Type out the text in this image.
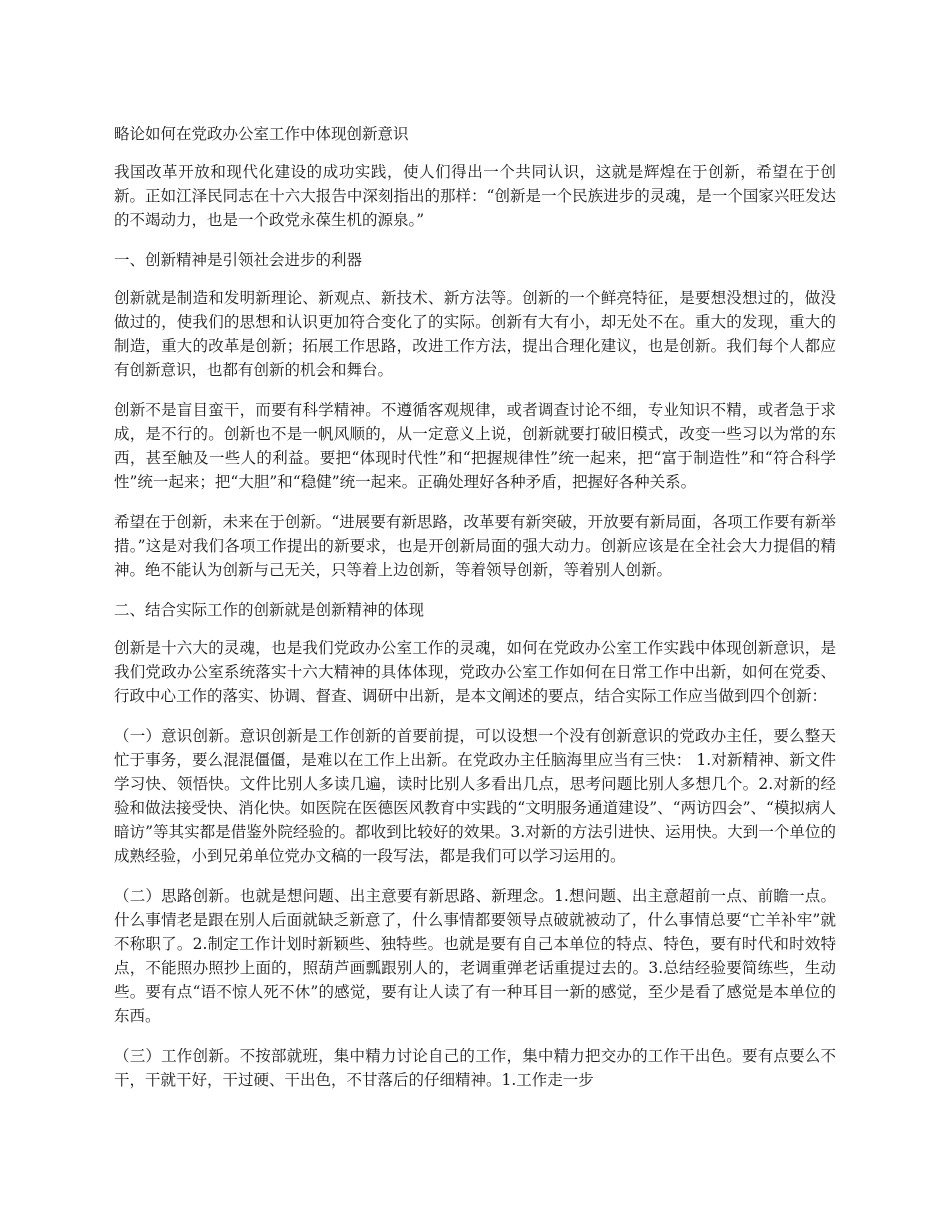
略论如何在党政办公室工作中体现创新意识

我国改革开放和现代化建设的成功实践，使人们得出一个共同认识，这就是辉煌在于创新，希望在于创新。正如江泽民同志在十六大报告中深刻指出的那样：“创新是一个民族进步的灵魂，是一个国家兴旺发达的不竭动力，也是一个政党永葆生机的源泉。”

一、创新精神是引领社会进步的利器

创新就是制造和发明新理论、新观点、新技术、新方法等。创新的一个鲜亮特征，是要想没想过的，做没做过的，使我们的思想和认识更加符合变化了的实际。创新有大有小，却无处不在。重大的发现，重大的制造，重大的改革是创新；拓展工作思路，改进工作方法，提出合理化建议，也是创新。我们每个人都应有创新意识，也都有创新的机会和舞台。

创新不是盲目蛮干，而要有科学精神。不遵循客观规律，或者调查讨论不细，专业知识不精，或者急于求成，是不行的。创新也不是一帆风顺的，从一定意义上说，创新就要打破旧模式，改变一些习以为常的东西，甚至触及一些人的利益。要把“体现时代性”和“把握规律性”统一起来，把“富于制造性”和“符合科学性”统一起来；把“大胆”和“稳健”统一起来。正确处理好各种矛盾，把握好各种关系。

希望在于创新，未来在于创新。“进展要有新思路，改革要有新突破，开放要有新局面，各项工作要有新举措。”这是对我们各项工作提出的新要求，也是开创新局面的强大动力。创新应该是在全社会大力提倡的精神。绝不能认为创新与己无关，只等着上边创新，等着领导创新，等着别人创新。

二、结合实际工作的创新就是创新精神的体现

创新是十六大的灵魂，也是我们党政办公室工作的灵魂，如何在党政办公室工作实践中体现创新意识，是我们党政办公室系统落实十六大精神的具体体现，党政办公室工作如何在日常工作中出新，如何在党委、行政中心工作的落实、协调、督查、调研中出新，是本文阐述的要点，结合实际工作应当做到四个创新：

（一）意识创新。意识创新是工作创新的首要前提，可以设想一个没有创新意识的党政办主任，要么整天忙于事务，要么混混僵僵，是难以在工作上出新。在党政办主任脑海里应当有三快： 1.对新精神、新文件学习快、领悟快。文件比别人多读几遍，读时比别人多看出几点，思考问题比别人多想几个。2.对新的经验和做法接受快、消化快。如医院在医德医风教育中实践的“文明服务通道建设”、“两访四会”、“模拟病人暗访”等其实都是借鉴外院经验的。都收到比较好的效果。3.对新的方法引进快、运用快。大到一个单位的成熟经验，小到兄弟单位党办文稿的一段写法，都是我们可以学习运用的。

（二）思路创新。也就是想问题、出主意要有新思路、新理念。1.想问题、出主意超前一点、前瞻一点。什么事情老是跟在别人后面就缺乏新意了，什么事情都要领导点破就被动了，什么事情总要“亡羊补牢”就不称职了。2.制定工作计划时新颖些、独特些。也就是要有自己本单位的特点、特色，要有时代和时效特点，不能照办照抄上面的，照葫芦画瓢跟别人的，老调重弹老话重提过去的。3.总结经验要简练些，生动些。要有点“语不惊人死不休”的感觉，要有让人读了有一种耳目一新的感觉，至少是看了感觉是本单位的东西。

（三）工作创新。不按部就班，集中精力讨论自己的工作，集中精力把交办的工作干出色。要有点要么不干，干就干好，干过硬、干出色，不甘落后的仔细精神。1.工作走一步
